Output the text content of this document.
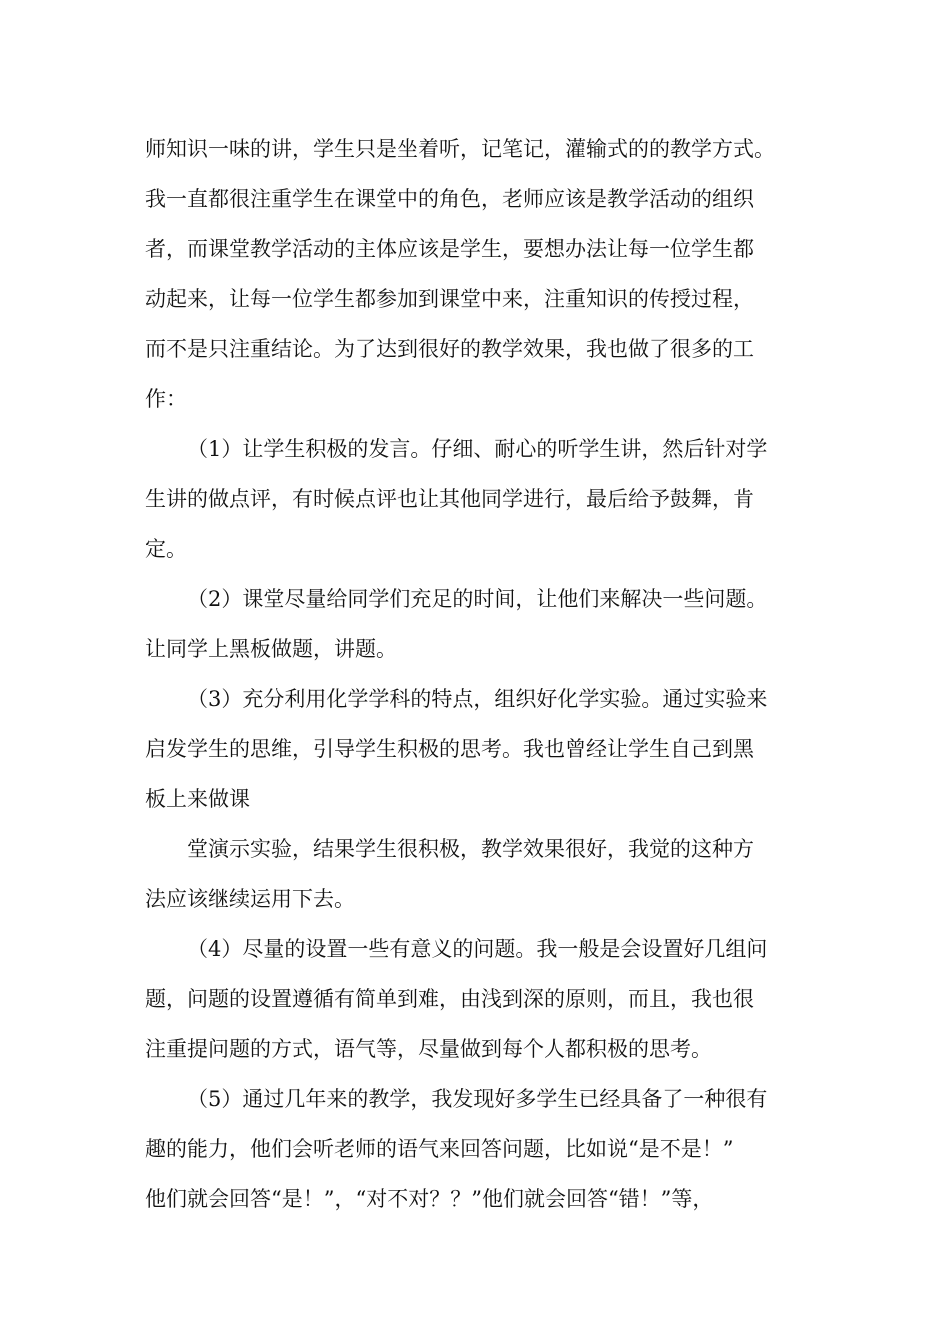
师知识一味的讲，学生只是坐着听，记笔记，灌输式的的教学方式。
我一直都很注重学生在课堂中的角色，老师应该是教学活动的组织
者，而课堂教学活动的主体应该是学生，要想办法让每一位学生都
动起来，让每一位学生都参加到课堂中来，注重知识的传授过程，
而不是只注重结论。为了达到很好的教学效果，我也做了很多的工
作：
（1）让学生积极的发言。仔细、耐心的听学生讲，然后针对学
生讲的做点评，有时候点评也让其他同学进行，最后给予鼓舞，肯
定。
（2）课堂尽量给同学们充足的时间，让他们来解决一些问题。
让同学上黑板做题，讲题。
（3）充分利用化学学科的特点，组织好化学实验。通过实验来
启发学生的思维，引导学生积极的思考。我也曾经让学生自己到黑
板上来做课
堂演示实验，结果学生很积极，教学效果很好，我觉的这种方
法应该继续运用下去。
（4）尽量的设置一些有意义的问题。我一般是会设置好几组问
题，问题的设置遵循有简单到难，由浅到深的原则，而且，我也很
注重提问题的方式，语气等，尽量做到每个人都积极的思考。
（5）通过几年来的教学，我发现好多学生已经具备了一种很有
趣的能力，他们会听老师的语气来回答问题，比如说“是不是！”
他们就会回答“是！”，“对不对？？”他们就会回答“错！”等，
